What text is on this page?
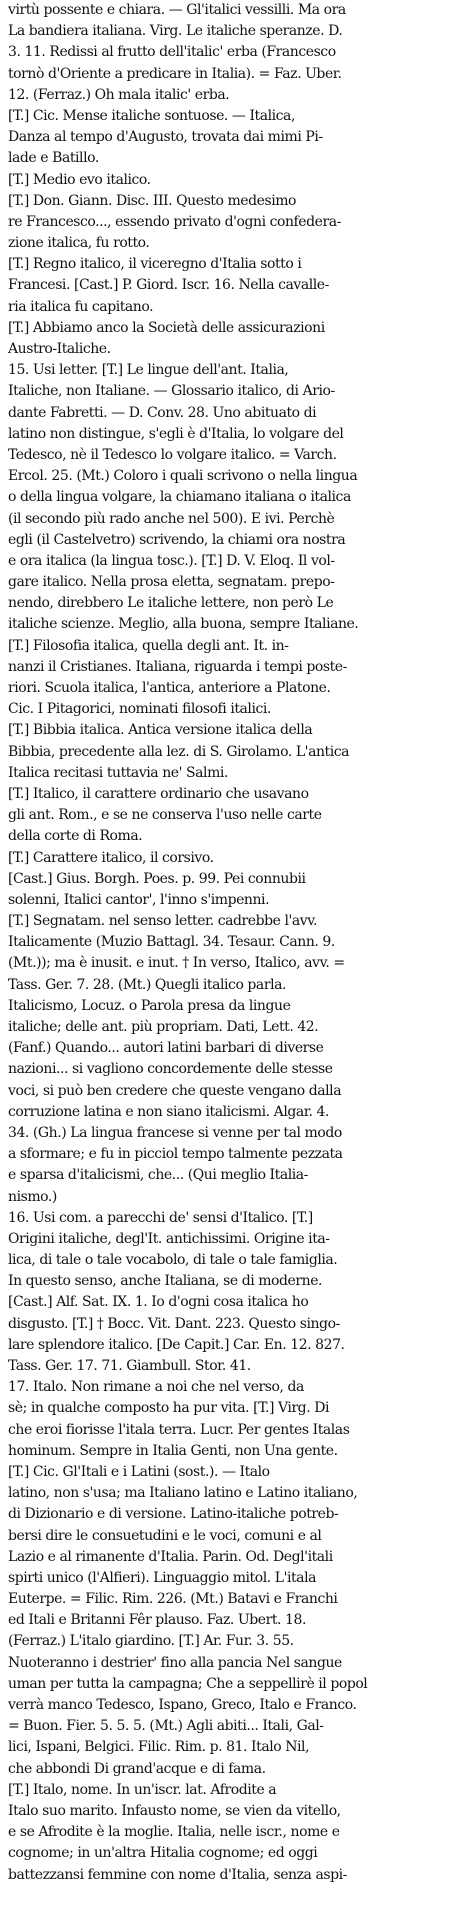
virtù possente e chiara. — Gl'italici vessilli. Ma ora
La bandiera italiana. Virg. Le italiche speranze. D.
3. 11. Redissi al frutto dell'italic' erba (Francesco
tornò d'Oriente a predicare in Italia). = Faz. Uber.
12. (Ferraz.) Oh mala italic' erba.
[T.] Cic. Mense italiche sontuose. — Italica,
Danza al tempo d'Augusto, trovata dai mimi Pi-
lade e Batillo.
[T.] Medio evo italico.
[T.] Don. Giann. Disc. III. Questo medesimo
re Francesco..., essendo privato d'ogni confedera-
zione italica, fu rotto.
[T.] Regno italico, il viceregno d'Italia sotto i
Francesi. [Cast.] P. Giord. Iscr. 16. Nella cavalle-
ria italica fu capitano.
[T.] Abbiamo anco la Società delle assicurazioni
Austro-Italiche.
15. Usi letter. [T.] Le lingue dell'ant. Italia,
Italiche, non Italiane. — Glossario italico, di Ario-
dante Fabretti. — D. Conv. 28. Uno abituato di
latino non distingue, s'egli è d'Italia, lo volgare del
Tedesco, nè il Tedesco lo volgare italico. = Varch.
Ercol. 25. (Mt.) Coloro i quali scrivono o nella lingua
o della lingua volgare, la chiamano italiana o italica
(il secondo più rado anche nel 500). E ivi. Perchè
egli (il Castelvetro) scrivendo, la chiami ora nostra
e ora italica (la lingua tosc.). [T.] D. V. Eloq. Il vol-
gare italico. Nella prosa eletta, segnatam. prepo-
nendo, direbbero Le italiche lettere, non però Le
italiche scienze. Meglio, alla buona, sempre Italiane.
[T.] Filosofia italica, quella degli ant. It. in-
nanzi il Cristianes. Italiana, riguarda i tempi poste-
riori. Scuola italica, l'antica, anteriore a Platone.
Cic. I Pitagorici, nominati filosofi italici.
[T.] Bibbia italica. Antica versione italica della
Bibbia, precedente alla lez. di S. Girolamo. L'antica
Italica recitasi tuttavia ne' Salmi.
[T.] Italico, il carattere ordinario che usavano
gli ant. Rom., e se ne conserva l'uso nelle carte
della corte di Roma.
[T.] Carattere italico, il corsivo.
[Cast.] Gius. Borgh. Poes. p. 99. Pei connubii
solenni, Italici cantor', l'inno s'impenni.
[T.] Segnatam. nel senso letter. cadrebbe l'avv.
Italicamente (Muzio Battagl. 34. Tesaur. Cann. 9.
(Mt.)); ma è inusit. e inut. † In verso, Italico, avv. =
Tass. Ger. 7. 28. (Mt.) Quegli italico parla.
Italicismo, Locuz. o Parola presa da lingue
italiche; delle ant. più propriam. Dati, Lett. 42.
(Fanf.) Quando... autori latini barbari di diverse
nazioni... si vagliono concordemente delle stesse
voci, si può ben credere che queste vengano dalla
corruzione latina e non siano italicismi. Algar. 4.
34. (Gh.) La lingua francese si venne per tal modo
a sformare; e fu in picciol tempo talmente pezzata
e sparsa d'italicismi, che... (Qui meglio Italia-
nismo.)
16. Usi com. a parecchi de' sensi d'Italico. [T.]
Origini italiche, degl'It. antichissimi. Origine ita-
lica, di tale o tale vocabolo, di tale o tale famiglia.
In questo senso, anche Italiana, se di moderne.
[Cast.] Alf. Sat. IX. 1. Io d'ogni cosa italica ho
disgusto. [T.] † Bocc. Vit. Dant. 223. Questo singo-
lare splendore italico. [De Capit.] Car. En. 12. 827.
Tass. Ger. 17. 71. Giambull. Stor. 41.
17. Italo. Non rimane a noi che nel verso, da
sè; in qualche composto ha pur vita. [T.] Virg. Di
che eroi fiorisse l'itala terra. Lucr. Per gentes Italas
hominum. Sempre in Italia Genti, non Una gente.
[T.] Cic. Gl'Itali e i Latini (sost.). — Italo
latino, non s'usa; ma Italiano latino e Latino italiano,
di Dizionario e di versione. Latino-italiche potreb-
bersi dire le consuetudini e le voci, comuni e al
Lazio e al rimanente d'Italia. Parin. Od. Degl'itali
spirti unico (l'Alfieri). Linguaggio mitol. L'itala
Euterpe. = Filic. Rim. 226. (Mt.) Batavi e Franchi
ed Itali e Britanni Fêr plauso. Faz. Ubert. 18.
(Ferraz.) L'italo giardino. [T.] Ar. Fur. 3. 55.
Nuoteranno i destrier' fino alla pancia Nel sangue
uman per tutta la campagna; Che a seppellirè il popol
verrà manco Tedesco, Ispano, Greco, Italo e Franco.
= Buon. Fier. 5. 5. 5. (Mt.) Agli abiti... Itali, Gal-
lici, Ispani, Belgici. Filic. Rim. p. 81. Italo Nil,
che abbondi Di grand'acque e di fama.
[T.] Italo, nome. In un'iscr. lat. Afrodite a
Italo suo marito. Infausto nome, se vien da vitello,
e se Afrodite è la moglie. Italia, nelle iscr., nome e
cognome; in un'altra Hitalia cognome; ed oggi
battezzansi femmine con nome d'Italia, senza aspi-
